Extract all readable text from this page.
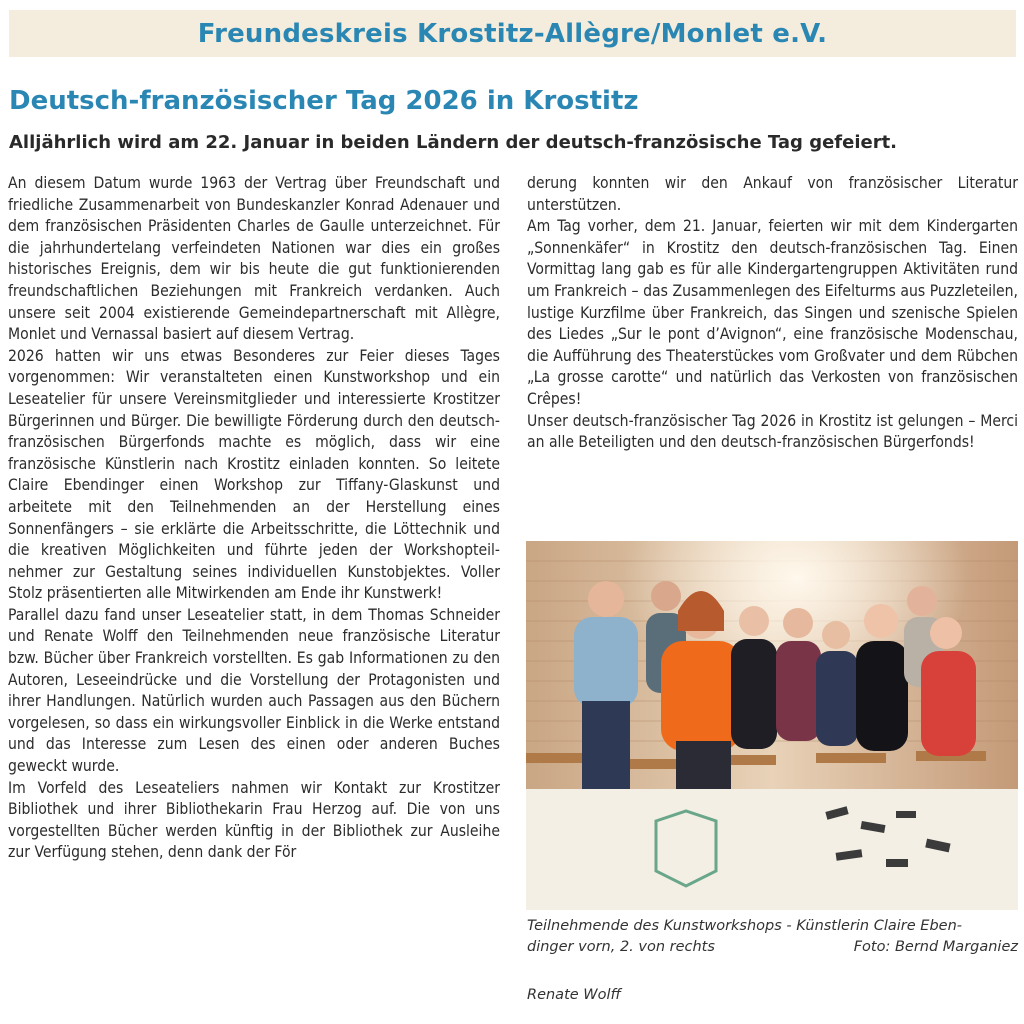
Freundeskreis Krostitz-Allègre/Monlet e.V.
Deutsch-französischer Tag 2026 in Krostitz
Alljährlich wird am 22. Januar in beiden Ländern der deutsch-französische Tag gefeiert.

An diesem Datum wurde 1963 der Vertrag über Freundschaft und friedliche Zusammenarbeit von Bundeskanzler Konrad Adenauer und dem französischen Präsidenten Charles de Gaulle unterzeichnet. Für die jahrhundertelang verfeindeten Nationen war dies ein großes historisches Ereignis, dem wir bis heute die gut funktionierenden freundschaftlichen Beziehungen mit Frankreich verdanken. Auch unsere seit 2004 existierende Gemeindepartnerschaft mit Allègre, Monlet und Vernassal basiert auf diesem Vertrag.

2026 hatten wir uns etwas Besonderes zur Feier dieses Tages vorgenommen: Wir veranstalteten einen Kunstworkshop und ein Leseatelier für unsere Vereinsmitglieder und interessierte Krostitzer Bürgerinnen und Bürger. Die bewilligte Förderung durch den deutsch-französischen Bürgerfonds machte es möglich, dass wir eine französische Künstlerin nach Krostitz einladen konnten. So leitete Claire Ebendinger einen Workshop zur Tiffany-Glaskunst und arbeitete mit den Teilnehmenden an der Herstellung eines Sonnenfängers – sie erklärte die Arbeitsschritte, die Löttechnik und die kreativen Möglichkeiten und führte jeden der Workshopteilnehmer zur Gestaltung seines individuellen Kunstobjektes. Voller Stolz präsentierten alle Mitwirkenden am Ende ihr Kunstwerk!

Parallel dazu fand unser Leseatelier statt, in dem Thomas Schneider und Renate Wolff den Teilnehmenden neue französische Literatur bzw. Bücher über Frankreich vorstellten. Es gab Informationen zu den Autoren, Leseeindrücke und die Vorstellung der Protagonisten und ihrer Handlungen. Natürlich wurden auch Passagen aus den Büchern vorgelesen, so dass ein wirkungsvoller Einblick in die Werke entstand und das Interesse zum Lesen des einen oder anderen Buches geweckt wurde.

Im Vorfeld des Leseateliers nahmen wir Kontakt zur Krostitzer Bibliothek und ihrer Bibliothekarin Frau Herzog auf. Die von uns vorgestellten Bücher werden künftig in der Bibliothek zur Ausleihe zur Verfügung stehen, denn dank der För

derung konnten wir den Ankauf von französischer Literatur unterstützen.

Am Tag vorher, dem 21. Januar, feierten wir mit dem Kindergarten „Sonnenkäfer“ in Krostitz den deutsch-französischen Tag. Einen Vormittag lang gab es für alle Kindergartengruppen Aktivitäten rund um Frankreich – das Zusammenlegen des Eifelturms aus Puzzleteilen, lustige Kurzfilme über Frankreich, das Singen und szenische Spielen des Liedes „Sur le pont d’Avignon“, eine französische Modenschau, die Aufführung des Theaterstückes vom Großvater und dem Rübchen „La grosse carotte“ und natürlich das Verkosten von französischen Crêpes!

Unser deutsch-französischer Tag 2026 in Krostitz ist gelungen – Merci an alle Beteiligten und den deutsch-französischen Bürgerfonds!

Teilnehmende des Kunstworkshops - Künstlerin Claire Eben-
dinger vorn, 2. von rechts	Foto: Bernd Marganiez
Renate Wolff
